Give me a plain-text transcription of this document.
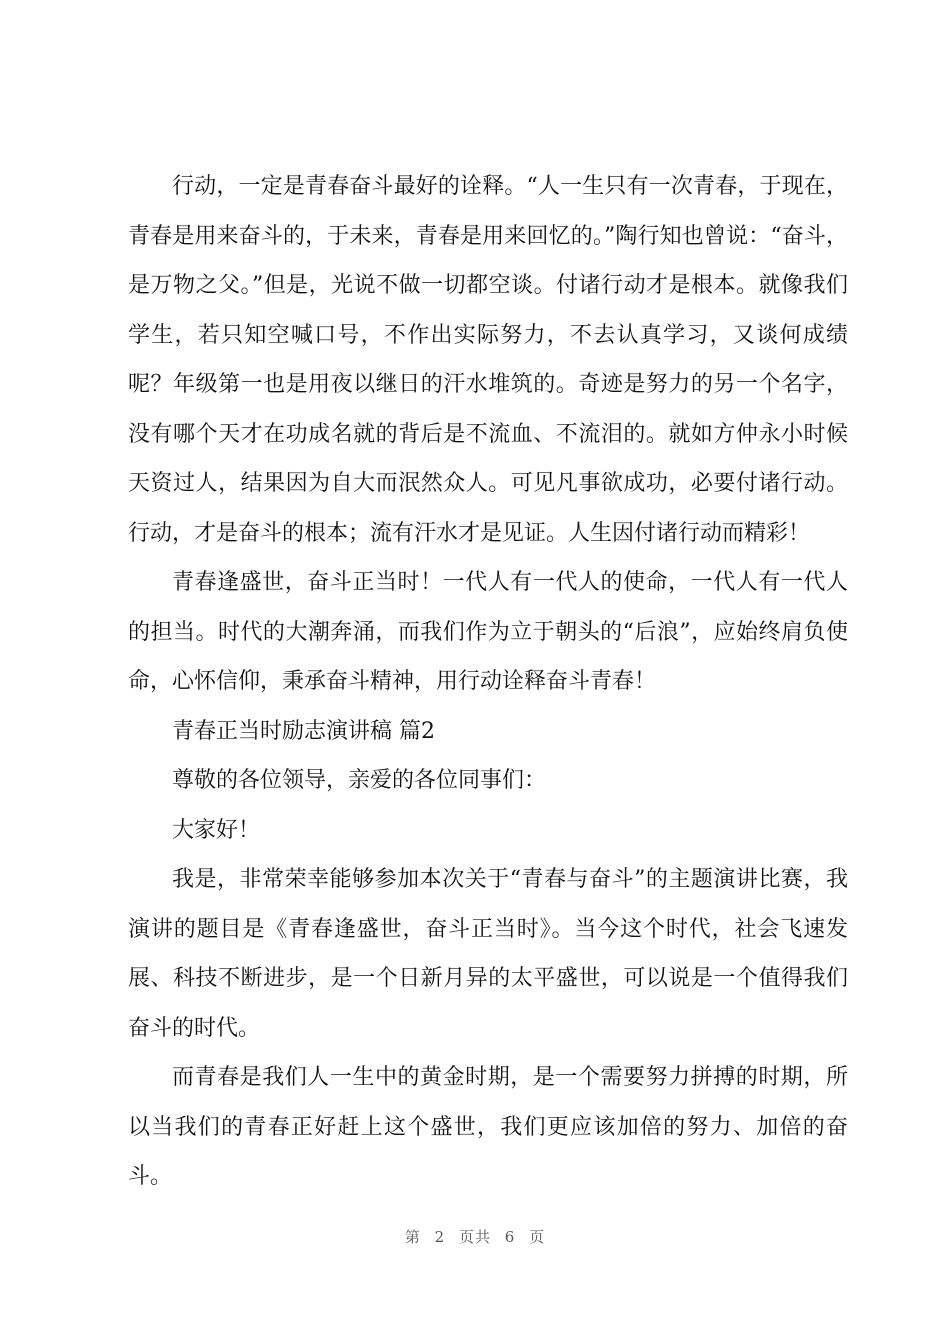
行动，一定是青春奋斗最好的诠释。“人一生只有一次青春，于现在，青春是用来奋斗的，于未来，青春是用来回忆的。”陶行知也曾说：“奋斗，是万物之父。”但是，光说不做一切都空谈。付诸行动才是根本。就像我们学生，若只知空喊口号，不作出实际努力，不去认真学习，又谈何成绩呢？年级第一也是用夜以继日的汗水堆筑的。奇迹是努力的另一个名字，没有哪个天才在功成名就的背后是不流血、不流泪的。就如方仲永小时候天资过人，结果因为自大而泯然众人。可见凡事欲成功，必要付诸行动。行动，才是奋斗的根本；流有汗水才是见证。人生因付诸行动而精彩！

青春逢盛世，奋斗正当时！一代人有一代人的使命，一代人有一代人的担当。时代的大潮奔涌，而我们作为立于朝头的“后浪”，应始终肩负使命，心怀信仰，秉承奋斗精神，用行动诠释奋斗青春！

青春正当时励志演讲稿 篇2

尊敬的各位领导，亲爱的各位同事们：

大家好！

我是，非常荣幸能够参加本次关于“青春与奋斗”的主题演讲比赛，我演讲的题目是《青春逢盛世，奋斗正当时》。当今这个时代，社会飞速发展、科技不断进步，是一个日新月异的太平盛世，可以说是一个值得我们奋斗的时代。

而青春是我们人一生中的黄金时期，是一个需要努力拼搏的时期，所以当我们的青春正好赶上这个盛世，我们更应该加倍的努力、加倍的奋斗。

第 2 页共 6 页
